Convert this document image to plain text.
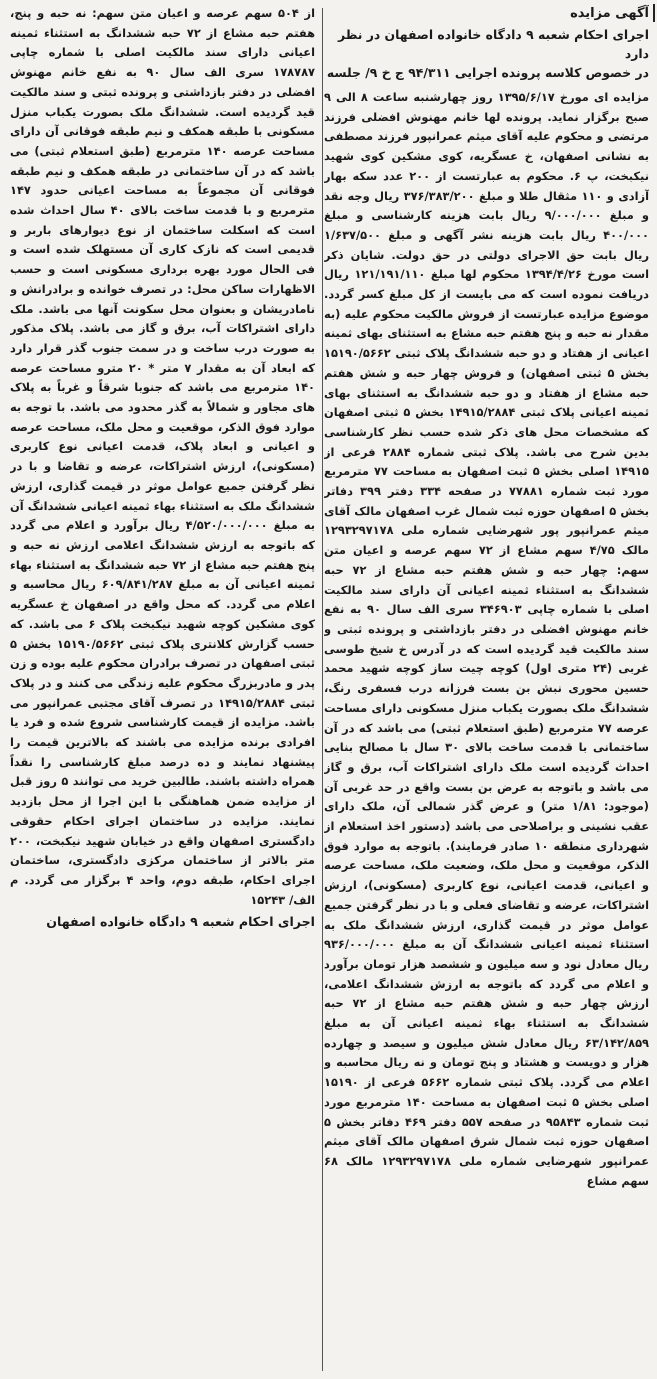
آگهی مزایده
اجرای احکام شعبه ۹ دادگاه خانواده اصفهان در نظر دارد
در خصوص کلاسه پرونده اجرایی ۹۴/۳۱۱ ج خ ۹/ جلسه
مزایده ای مورخ ۱۳۹۵/۶/۱۷ روز چهارشنبه ساعت ۸ الی ۹ صبح برگزار نماید. پرونده لها خانم مهنوش افضلی فرزند مرتضی و محکوم علیه آقای میثم عمرانپور فرزند مصطفی به نشانی اصفهان، خ عسگریه، کوی مشکین کوی شهید نیکبخت، پ ۶. محکوم به عبارتست از ۲۰۰ عدد سکه بهار آزادی و ۱۱۰ مثقال طلا و مبلغ ۳۷۶/۳۸۳/۲۰۰ ریال وجه نقد و مبلغ ۹/۰۰۰/۰۰۰ ریال بابت هزینه کارشناسی و مبلغ ۴۰۰/۰۰۰ ریال بابت هزینه نشر آگهی و مبلغ ۱/۶۳۷/۵۰۰ ریال بابت حق الاجرای دولتی در حق دولت. شایان ذکر است مورخ ۱۳۹۴/۴/۲۶ محکوم لها مبلغ ۱۲۱/۱۹۱/۱۱۰ ریال دریافت نموده است که می بایست از کل مبلغ کسر گردد. موضوع مزایده عبارتست از فروش مالکیت محکوم علیه (به مقدار نه حبه و پنج هفتم حبه مشاع به استثنای بهای ثمینه اعیانی از هفتاد و دو حبه ششدانگ پلاک ثبتی ۱۵۱۹۰/۵۶۶۲ بخش ۵ ثبتی اصفهان) و فروش چهار حبه و شش هفتم حبه مشاع از هفتاد و دو حبه ششدانگ به استثنای بهای ثمینه اعیانی پلاک ثبتی ۱۴۹۱۵/۲۸۸۴ بخش ۵ ثبتی اصفهان که مشخصات محل های ذکر شده حسب نظر کارشناسی بدین شرح می باشد. پلاک ثبتی شماره ۲۸۸۴ فرعی از ۱۴۹۱۵ اصلی بخش ۵ ثبت اصفهان به مساحت ۷۷ مترمربع مورد ثبت شماره ۷۷۸۸۱ در صفحه ۳۳۴ دفتر ۳۹۹ دفاتر بخش ۵ اصفهان حوزه ثبت شمال غرب اصفهان مالک آقای میثم عمرانپور پور شهرضایی شماره ملی ۱۲۹۳۲۹۷۱۷۸ مالک ۴/۷۵ سهم مشاع از ۷۲ سهم عرصه و اعیان متن سهم: چهار حبه و شش هفتم حبه مشاع از ۷۲ حبه ششدانگ به استثناء ثمینه اعیانی آن دارای سند مالکیت اصلی با شماره چاپی ۳۴۶۹۰۳ سری الف سال ۹۰ به نفع خانم مهنوش افضلی در دفتر بازداشتی و پرونده ثبتی و سند مالکیت قید گردیده است که در آدرس خ شیخ طوسی غربی (۲۴ متری اول) کوچه چیت ساز کوچه شهید محمد حسین محوری نبش بن بست فرزانه درب فسفری رنگ، ششدانگ ملک بصورت یکباب منزل مسکونی دارای مساحت عرصه ۷۷ مترمربع (طبق استعلام ثبتی) می باشد که در آن ساختمانی با قدمت ساخت بالای ۳۰ سال با مصالح بنایی احداث گردیده است ملک دارای اشتراکات آب، برق و گاز می باشد و باتوجه به عرض بن بست واقع در حد غربی آن (موجود: ۱/۸۱ متر) و عرض گذر شمالی آن، ملک دارای عقب نشینی و براصلاحی می باشد (دستور اخذ استعلام از شهرداری منطقه ۱۰ صادر فرمایند). باتوجه به موارد فوق الذکر، موقعیت و محل ملک، وضعیت ملک، مساحت عرصه و اعیانی، قدمت اعیانی، نوع کاربری (مسکونی)، ارزش اشتراکات، عرضه و تقاضای فعلی و با در نظر گرفتن جمیع عوامل موثر در قیمت گذاری، ارزش ششدانگ ملک به استثناء ثمینه اعیانی ششدانگ آن به مبلغ ۹۳۶/۰۰۰/۰۰۰ ریال معادل نود و سه میلیون و ششصد هزار تومان برآورد و اعلام می گردد که باتوجه به ارزش ششدانگ اعلامی، ارزش چهار حبه و شش هفتم حبه مشاع از ۷۲ حبه ششدانگ به استثناء بهاء ثمینه اعیانی آن به مبلغ ۶۳/۱۴۲/۸۵۹ ریال معادل شش میلیون و سیصد و چهارده هزار و دویست و هشتاد و پنج تومان و نه ریال محاسبه و اعلام می گردد. پلاک ثبتی شماره ۵۶۶۲ فرعی از ۱۵۱۹۰ اصلی بخش ۵ ثبت اصفهان به مساحت ۱۴۰ مترمربع مورد ثبت شماره ۹۵۸۴۳ در صفحه ۵۵۷ دفتر ۴۶۹ دفاتر بخش ۵ اصفهان حوزه ثبت شمال شرق اصفهان مالک آقای میثم عمرانپور شهرضایی شماره ملی ۱۲۹۳۲۹۷۱۷۸ مالک ۶۸ سهم مشاع
از ۵۰۴ سهم عرصه و اعیان متن سهم: نه حبه و پنج، هفتم حبه مشاع از ۷۲ حبه ششدانگ به استثناء ثمینه اعیانی دارای سند مالکیت اصلی با شماره چاپی ۱۷۸۷۸۷ سری الف سال ۹۰ به نفع خانم مهنوش افضلی در دفتر بازداشتی و پرونده ثبتی و سند مالکیت قید گردیده است. ششدانگ ملک بصورت یکباب منزل مسکونی با طبقه همکف و نیم طبقه فوقانی آن دارای مساحت عرصه ۱۴۰ مترمربع (طبق استعلام ثبتی) می باشد که در آن ساختمانی در طبقه همکف و نیم طبقه فوقانی آن مجموعاً به مساحت اعیانی حدود ۱۴۷ مترمربع و با قدمت ساخت بالای ۴۰ سال احداث شده است که اسکلت ساختمان از نوع دیوارهای باربر و قدیمی است که نازک کاری آن مستهلک شده است و فی الحال مورد بهره برداری مسکونی است و حسب الاظهارات ساکن محل: در تصرف خوانده و برادرانش و نامادریشان و بعنوان محل سکونت آنها می باشد. ملک دارای اشتراکات آب، برق و گاز می باشد. پلاک مذکور به صورت درب ساخت و در سمت جنوب گذر قرار دارد که ابعاد آن به مقدار ۷ متر * ۲۰ مترو مساحت عرصه ۱۴۰ مترمربع می باشد که جنوبا شرقاً و غرباً به پلاک های مجاور و شمالاً به گذر محدود می باشد. با توجه به موارد فوق الذکر، موقعیت و محل ملک، مساحت عرصه و اعیانی و ابعاد پلاک، قدمت اعیانی نوع کاربری (مسکونی)، ارزش اشتراکات، عرضه و تقاضا و با در نظر گرفتن جمیع عوامل موثر در قیمت گذاری، ارزش ششدانگ ملک به استثناء بهاء ثمینه اعیانی ششدانگ آن به مبلغ ۴/۵۲۰/۰۰۰/۰۰۰ ریال برآورد و اعلام می گردد که باتوجه به ارزش ششدانگ اعلامی ارزش نه حبه و پنج هفتم حبه مشاع از ۷۲ حبه ششدانگ به استثناء بهاء ثمینه اعیانی آن به مبلغ ۶۰۹/۸۴۱/۲۸۷ ریال محاسبه و اعلام می گردد. که محل واقع در اصفهان خ عسگریه کوی مشکین کوچه شهید نیکبخت پلاک ۶ می باشد. که حسب گزارش کلانتری پلاک ثبتی ۱۵۱۹۰/۵۶۶۲ بخش ۵ ثبتی اصفهان در تصرف برادران محکوم علیه بوده و زن پدر و مادربزرگ محکوم علیه زندگی می کنند و در پلاک ثبتی ۱۴۹۱۵/۲۸۸۴ در تصرف آقای مجتبی عمرانپور می باشد. مزایده از قیمت کارشناسی شروع شده و فرد یا افرادی برنده مزایده می باشند که بالاترین قیمت را پیشنهاد نمایند و ده درصد مبلغ کارشناسی را نقداً همراه داشته باشند. طالبین خرید می توانند ۵ روز قبل از مزایده ضمن هماهنگی با این اجرا از محل بازدید نمایند. مزایده در ساختمان اجرای احکام حقوقی دادگستری اصفهان واقع در خیابان شهید نیکبخت، ۲۰۰ متر بالاتر از ساختمان مرکزی دادگستری، ساختمان اجرای احکام، طبقه دوم، واحد ۴ برگزار می گردد. م الف/ ۱۵۲۴۳
اجرای احکام شعبه ۹ دادگاه خانواده اصفهان
